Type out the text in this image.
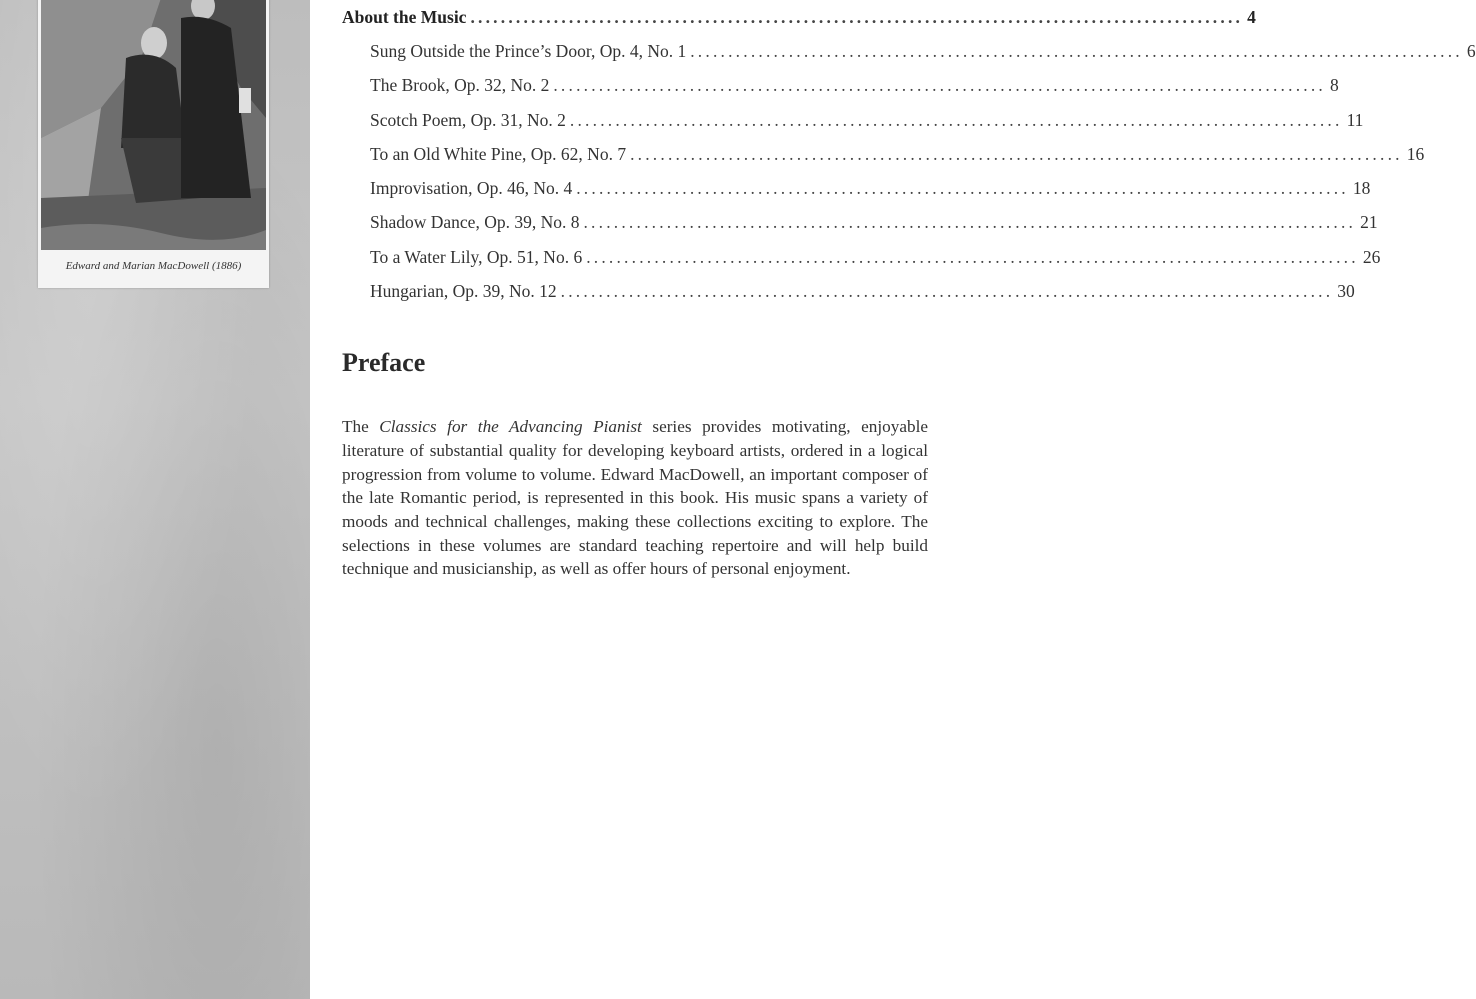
Edward and Marian MacDowell (1886)
About the Music ...................................................................................................... 4
Sung Outside the Prince’s Door, Op. 4, No. 1 ...................................................................................................... 6
The Brook, Op. 32, No. 2 ...................................................................................................... 8
Scotch Poem, Op. 31, No. 2 ...................................................................................................... 11
To an Old White Pine, Op. 62, No. 7 ...................................................................................................... 16
Improvisation, Op. 46, No. 4 ...................................................................................................... 18
Shadow Dance, Op. 39, No. 8 ...................................................................................................... 21
To a Water Lily, Op. 51, No. 6 ...................................................................................................... 26
Hungarian, Op. 39, No. 12 ...................................................................................................... 30
Preface

The Classics for the Advancing Pianist series provides motivating, enjoyable literature of substantial quality for developing keyboard artists, ordered in a logical progression from volume to volume. Edward MacDowell, an important composer of the late Romantic period, is represented in this book. His music spans a variety of moods and technical challenges, making these collections exciting to explore. The selections in these volumes are standard teaching repertoire and will help build technique and musicianship, as well as offer hours of personal enjoyment.
